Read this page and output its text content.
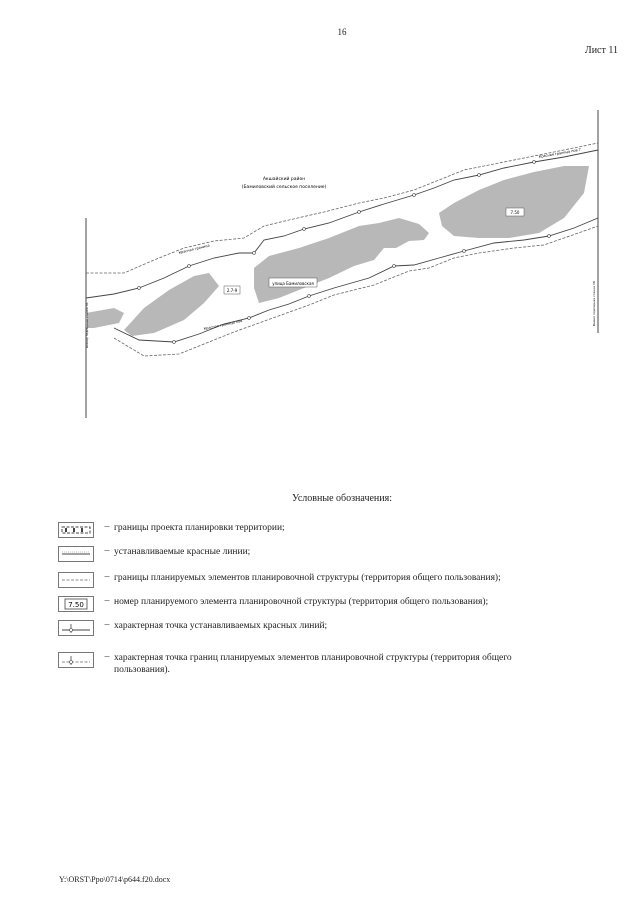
16
Лист 11
Акшайский район
(Бамиловский сельское поселение)
Красная граница
Красная граница пов 7
улица Бамиловская
Красная граница пов
Шанар подпорная стенка 36	Бамил подпорная стенка 38
2.7-9
7.50
Условные обозначения:
– границы проекта планировки территории;
– устанавливаемые красные линии;
– границы планируемых элементов планировочной структуры (территория общего пользования);
7.50	– номер планируемого элемента планировочной структуры (территория общего пользования);
– характерная точка устанавливаемых красных линий;
– характерная точка границ планируемых элементов планировочной структуры (территория общего пользования).
Y:\ORST\Ppo\0714\p644.f20.docx
